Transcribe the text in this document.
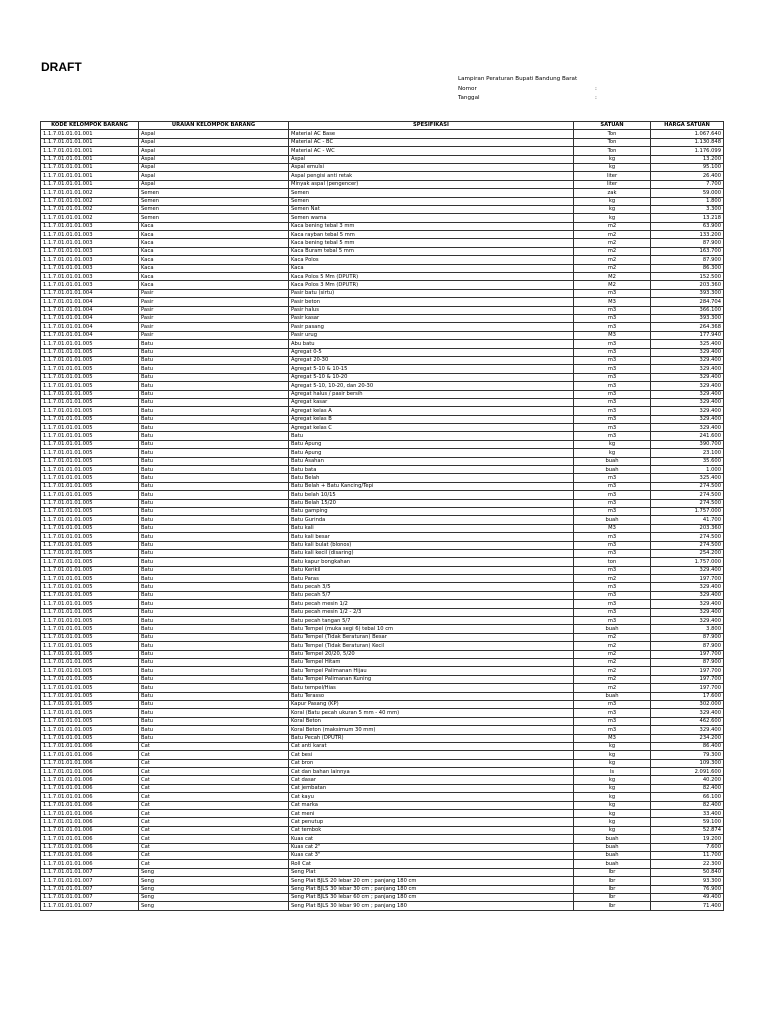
DRAFT
Lampiran Peraturan Bupati Bandung Barat
Nomor	:
Tanggal	:
KODE KELOMPOK BARANG	URAIAN KELOMPOK BARANG	SPESIFIKASI	SATUAN	HARGA SATUAN
1.1.7.01.01.01.001	Aspal	Material AC Base	Ton	1.067.640
1.1.7.01.01.01.001	Aspal	Material AC - BC	Ton	1.130.848
1.1.7.01.01.01.001	Aspal	Material AC - WC	Ton	1.176.099
1.1.7.01.01.01.001	Aspal	Aspal	kg	13.200
1.1.7.01.01.01.001	Aspal	Aspal emulsi	kg	95.100
1.1.7.01.01.01.001	Aspal	Aspal pengisi anti retak	liter	26.400
1.1.7.01.01.01.001	Aspal	Minyak aspal (pengencer)	liter	7.700
1.1.7.01.01.01.002	Semen	Semen	zak	59.000
1.1.7.01.01.01.002	Semen	Semen	kg	1.800
1.1.7.01.01.01.002	Semen	Semen Nat	kg	3.300
1.1.7.01.01.01.002	Semen	Semen warna	kg	13.218
1.1.7.01.01.01.003	Kaca	Kaca bening tebal 3 mm	m2	63.900
1.1.7.01.01.01.003	Kaca	Kaca rayban tebal 5 mm	m2	133.200
1.1.7.01.01.01.003	Kaca	Kaca bening tebal 5 mm	m2	87.900
1.1.7.01.01.01.003	Kaca	Kaca Buram tebal 5 mm	m2	163.700
1.1.7.01.01.01.003	Kaca	Kaca Polos	m2	87.900
1.1.7.01.01.01.003	Kaca	Kaca	m2	86.300
1.1.7.01.01.01.003	Kaca	Kaca Polos 5 Mm (DPUTR)	M2	152.500
1.1.7.01.01.01.003	Kaca	Kaca Polos 3 Mm (DPUTR)	M2	203.360
1.1.7.01.01.01.004	Pasir	Pasir batu (sirtu)	m3	393.300
1.1.7.01.01.01.004	Pasir	Pasir beton	M3	284.704
1.1.7.01.01.01.004	Pasir	Pasir halus	m3	366.100
1.1.7.01.01.01.004	Pasir	Pasir kasar	m3	393.300
1.1.7.01.01.01.004	Pasir	Pasir pasang	m3	264.368
1.1.7.01.01.01.004	Pasir	Pasir urug	M3	177.940
1.1.7.01.01.01.005	Batu	Abu batu	m3	325.400
1.1.7.01.01.01.005	Batu	Agregat 0-5	m3	329.400
1.1.7.01.01.01.005	Batu	Agregat 20-30	m3	329.400
1.1.7.01.01.01.005	Batu	Agregat 5-10 & 10-15	m3	329.400
1.1.7.01.01.01.005	Batu	Agregat 5-10 & 10-20	m3	329.400
1.1.7.01.01.01.005	Batu	Agregat 5-10, 10-20, dan 20-30	m3	329.400
1.1.7.01.01.01.005	Batu	Agregat halus / pasir bersih	m3	329.400
1.1.7.01.01.01.005	Batu	Agregat kasar	m3	329.400
1.1.7.01.01.01.005	Batu	Agregat kelas A	m3	329.400
1.1.7.01.01.01.005	Batu	Agregat kelas B	m3	329.400
1.1.7.01.01.01.005	Batu	Agregat kelas C	m3	329.400
1.1.7.01.01.01.005	Batu	Batu	m3	241.600
1.1.7.01.01.01.005	Batu	Batu Apung	kg	390.700
1.1.7.01.01.01.005	Batu	Batu Apung	kg	23.100
1.1.7.01.01.01.005	Batu	Batu Asahan	buah	35.600
1.1.7.01.01.01.005	Batu	Batu bata	buah	1.000
1.1.7.01.01.01.005	Batu	Batu Belah	m3	325.400
1.1.7.01.01.01.005	Batu	Batu Belah + Batu Kancing/Tepi	m3	274.500
1.1.7.01.01.01.005	Batu	Batu belah 10/15	m3	274.500
1.1.7.01.01.01.005	Batu	Batu Belah 15/20	m3	274.500
1.1.7.01.01.01.005	Batu	Batu gamping	m3	1.757.000
1.1.7.01.01.01.005	Batu	Batu Gurinda	buah	41.700
1.1.7.01.01.01.005	Batu	Batu kali	M3	203.360
1.1.7.01.01.01.005	Batu	Batu kali besar	m3	274.500
1.1.7.01.01.01.005	Batu	Batu kali bulat (blonos)	m3	274.500
1.1.7.01.01.01.005	Batu	Batu kali kecil (disaring)	m3	254.200
1.1.7.01.01.01.005	Batu	Batu kapur bongkahan	ton	1.757.000
1.1.7.01.01.01.005	Batu	Batu Kerikil	m3	329.400
1.1.7.01.01.01.005	Batu	Batu Paras	m2	197.700
1.1.7.01.01.01.005	Batu	Batu pecah 3/5	m3	329.400
1.1.7.01.01.01.005	Batu	Batu pecah 5/7	m3	329.400
1.1.7.01.01.01.005	Batu	Batu pecah mesin 1/2	m3	329.400
1.1.7.01.01.01.005	Batu	Batu pecah mesin 1/2 - 2/3	m3	329.400
1.1.7.01.01.01.005	Batu	Batu pecah tangan 5/7	m3	329.400
1.1.7.01.01.01.005	Batu	Batu Tempel (muka segi 6) tebal 10 cm	buah	3.800
1.1.7.01.01.01.005	Batu	Batu Tempel (Tidak Beraturan) Besar	m2	87.900
1.1.7.01.01.01.005	Batu	Batu Tempel (Tidak Beraturan) Kecil	m2	87.900
1.1.7.01.01.01.005	Batu	Batu Tempel 20/20, 5/20	m2	197.700
1.1.7.01.01.01.005	Batu	Batu Tempel Hitam	m2	87.900
1.1.7.01.01.01.005	Batu	Batu Tempel Palimanan Hijau	m2	197.700
1.1.7.01.01.01.005	Batu	Batu Tempel Palimanan Kuning	m2	197.700
1.1.7.01.01.01.005	Batu	Batu tempel/Hias	m2	197.700
1.1.7.01.01.01.005	Batu	Batu Terasso	buah	17.600
1.1.7.01.01.01.005	Batu	Kapur Pasang (KP)	m3	302.000
1.1.7.01.01.01.005	Batu	Koral (Batu pecah ukuran 5 mm - 40 mm)	m3	329.400
1.1.7.01.01.01.005	Batu	Koral Beton	m3	462.600
1.1.7.01.01.01.005	Batu	Koral Beton (maksimum 30 mm)	m3	329.400
1.1.7.01.01.01.005	Batu	Batu Pecah (DPUTR)	M3	234.200
1.1.7.01.01.01.006	Cat	Cat anti karat	kg	86.400
1.1.7.01.01.01.006	Cat	Cat besi	kg	79.300
1.1.7.01.01.01.006	Cat	Cat bron	kg	109.300
1.1.7.01.01.01.006	Cat	Cat dan bahan lainnya	ls	2.091.600
1.1.7.01.01.01.006	Cat	Cat dasar	kg	40.200
1.1.7.01.01.01.006	Cat	Cat jembatan	kg	82.400
1.1.7.01.01.01.006	Cat	Cat kayu	kg	66.100
1.1.7.01.01.01.006	Cat	Cat marka	kg	82.400
1.1.7.01.01.01.006	Cat	Cat meni	kg	33.400
1.1.7.01.01.01.006	Cat	Cat penutup	kg	59.100
1.1.7.01.01.01.006	Cat	Cat tembok	kg	52.874
1.1.7.01.01.01.006	Cat	Kuas cat	buah	19.200
1.1.7.01.01.01.006	Cat	Kuas cat 2"	buah	7.600
1.1.7.01.01.01.006	Cat	Kuas cat 3"	buah	11.700
1.1.7.01.01.01.006	Cat	Roll Cat	buah	22.300
1.1.7.01.01.01.007	Seng	Seng Plat	lbr	50.840
1.1.7.01.01.01.007	Seng	Seng Plat BJLS 20 lebar 20 cm ; panjang 180 cm	lbr	93.300
1.1.7.01.01.01.007	Seng	Seng Plat BJLS 30 lebar 30 cm ; panjang 180 cm	lbr	76.900
1.1.7.01.01.01.007	Seng	Seng Plat BJLS 30 lebar 60 cm ; panjang 180 cm	lbr	49.400
1.1.7.01.01.01.007	Seng	Seng Plat BJLS 30 lebar 90 cm ; panjang 180	lbr	71.400
